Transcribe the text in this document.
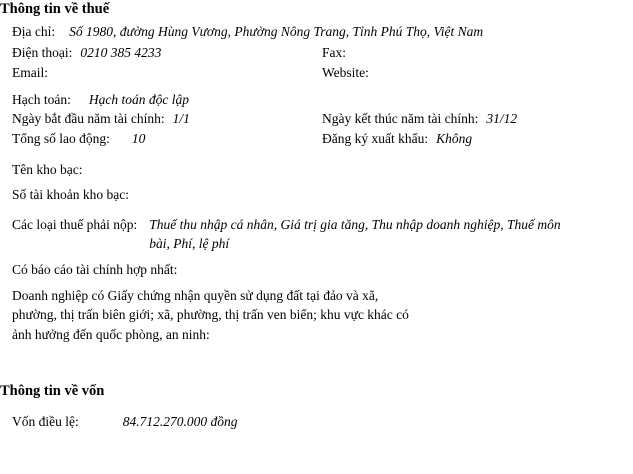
Thông tin về thuế
Địa chỉ:	Số 1980, đường Hùng Vương, Phường Nông Trang, Tỉnh Phú Thọ, Việt Nam
Điện thoại: 0210 385 4233	Fax:
Email:	Website:
Hạch toán:	Hạch toán độc lập
Ngày bắt đầu năm tài chính: 1/1	Ngày kết thúc năm tài chính: 31/12
Tổng số lao động:	10	Đăng ký xuất khẩu: Không
Tên kho bạc:
Số tài khoản kho bạc:
Các loại thuế phải nộp: Thuế thu nhập cá nhân, Giá trị gia tăng, Thu nhập doanh nghiệp, Thuế môn bài, Phí, lệ phí
Có báo cáo tài chính hợp nhất:
Doanh nghiệp có Giấy chứng nhận quyền sử dụng đất tại đảo và xã, phường, thị trấn biên giới; xã, phường, thị trấn ven biển; khu vực khác có ảnh hưởng đến quốc phòng, an ninh:
Thông tin về vốn
Vốn điều lệ:	84.712.270.000 đồng
